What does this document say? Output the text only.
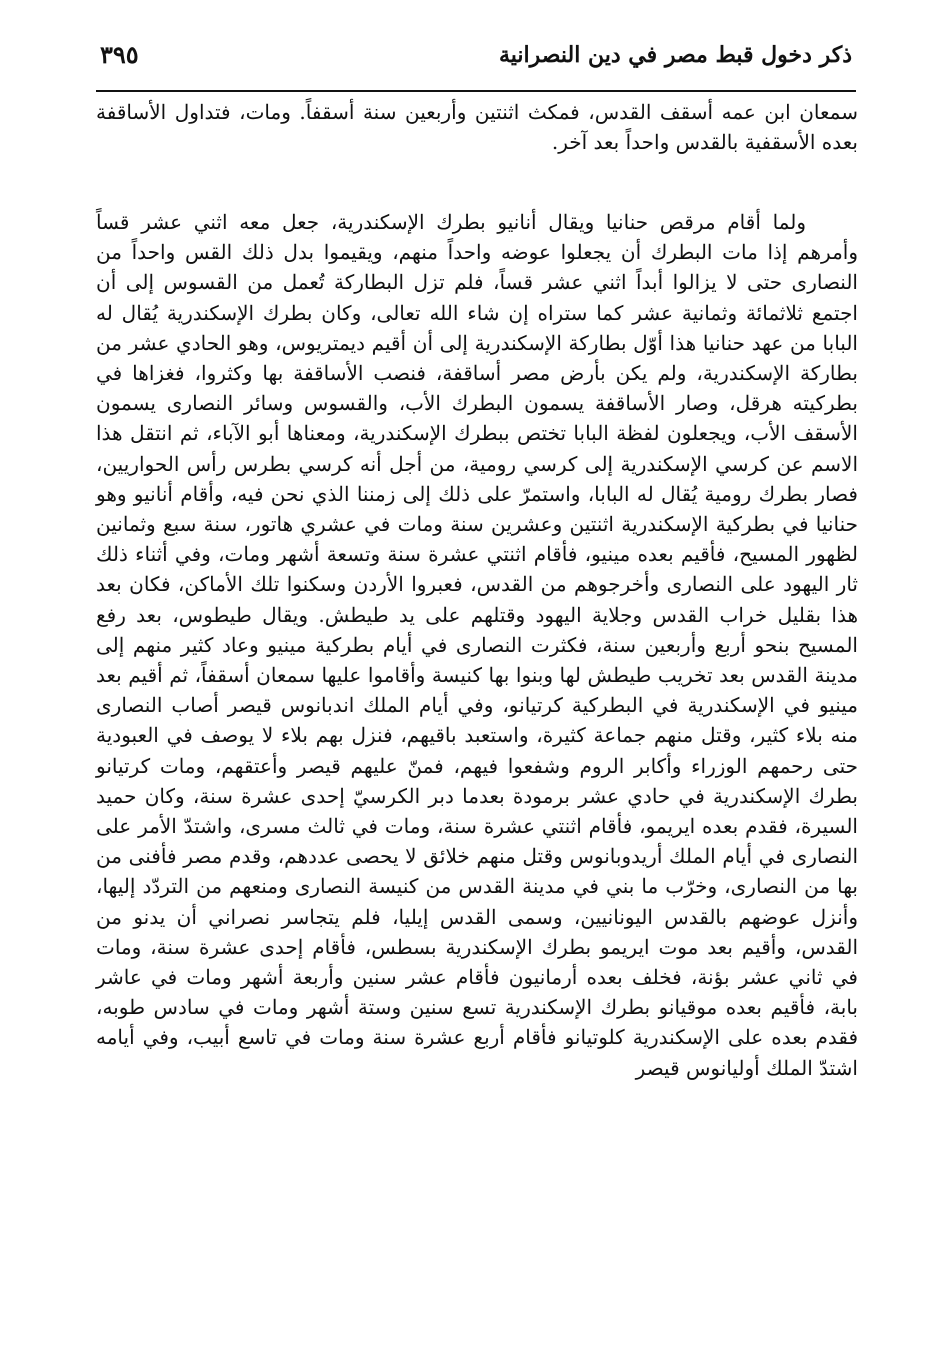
ذكر دخول قبط مصر في دين النصرانية
٣٩٥

سمعان ابن عمه أسقف القدس، فمكث اثنتين وأربعين سنة أسقفاً. ومات، فتداول الأساقفة بعده الأسقفية بالقدس واحداً بعد آخر.

ولما أقام مرقص حنانيا ويقال أنانيو بطرك الإسكندرية، جعل معه اثني عشر قساً وأمرهم إذا مات البطرك أن يجعلوا عوضه واحداً منهم، ويقيموا بدل ذلك القس واحداً من النصارى حتى لا يزالوا أبداً اثني عشر قساً، فلم تزل البطاركة تُعمل من القسوس إلى أن اجتمع ثلاثمائة وثمانية عشر كما ستراه إن شاء الله تعالى، وكان بطرك الإسكندرية يُقال له البابا من عهد حنانيا هذا أوّل بطاركة الإسكندرية إلى أن أقيم ديمتريوس، وهو الحادي عشر من بطاركة الإسكندرية، ولم يكن بأرض مصر أساقفة، فنصب الأساقفة بها وكثروا، فغزاها في بطركيته هرقل، وصار الأساقفة يسمون البطرك الأب، والقسوس وسائر النصارى يسمون الأسقف الأب، ويجعلون لفظة البابا تختص ببطرك الإسكندرية، ومعناها أبو الآباء، ثم انتقل هذا الاسم عن كرسي الإسكندرية إلى كرسي رومية، من أجل أنه كرسي بطرس رأس الحواريين، فصار بطرك رومية يُقال له البابا، واستمرّ على ذلك إلى زمننا الذي نحن فيه، وأقام أنانيو وهو حنانيا في بطركية الإسكندرية اثنتين وعشرين سنة ومات في عشري هاتور، سنة سبع وثمانين لظهور المسيح، فأقيم بعده مينيو، فأقام اثنتي عشرة سنة وتسعة أشهر ومات، وفي أثناء ذلك ثار اليهود على النصارى وأخرجوهم من القدس، فعبروا الأردن وسكنوا تلك الأماكن، فكان بعد هذا بقليل خراب القدس وجلاية اليهود وقتلهم على يد طيطش. ويقال طيطوس، بعد رفع المسيح بنحو أربع وأربعين سنة، فكثرت النصارى في أيام بطركية مينيو وعاد كثير منهم إلى مدينة القدس بعد تخريب طيطش لها وبنوا بها كنيسة وأقاموا عليها سمعان أسقفاً، ثم أقيم بعد مينيو في الإسكندرية في البطركية كرتيانو، وفي أيام الملك اندبانوس قيصر أصاب النصارى منه بلاء كثير، وقتل منهم جماعة كثيرة، واستعبد باقيهم، فنزل بهم بلاء لا يوصف في العبودية حتى رحمهم الوزراء وأكابر الروم وشفعوا فيهم، فمنّ عليهم قيصر وأعتقهم، ومات كرتيانو بطرك الإسكندرية في حادي عشر برمودة بعدما دبر الكرسيّ إحدى عشرة سنة، وكان حميد السيرة، فقدم بعده ايريمو، فأقام اثنتي عشرة سنة، ومات في ثالث مسرى، واشتدّ الأمر على النصارى في أيام الملك أريدوبانوس وقتل منهم خلائق لا يحصى عددهم، وقدم مصر فأفنى من بها من النصارى، وخرّب ما بني في مدينة القدس من كنيسة النصارى ومنعهم من التردّد إليها، وأنزل عوضهم بالقدس اليونانيين، وسمى القدس إيليا، فلم يتجاسر نصراني أن يدنو من القدس، وأقيم بعد موت ايريمو بطرك الإسكندرية بسطس، فأقام إحدى عشرة سنة، ومات في ثاني عشر بؤنة، فخلف بعده أرمانيون فأقام عشر سنين وأربعة أشهر ومات في عاشر بابة، فأقيم بعده موقيانو بطرك الإسكندرية تسع سنين وستة أشهر ومات في سادس طوبه، فقدم بعده على الإسكندرية كلوتيانو فأقام أربع عشرة سنة ومات في تاسع أبيب، وفي أيامه اشتدّ الملك أوليانوس قيصر
